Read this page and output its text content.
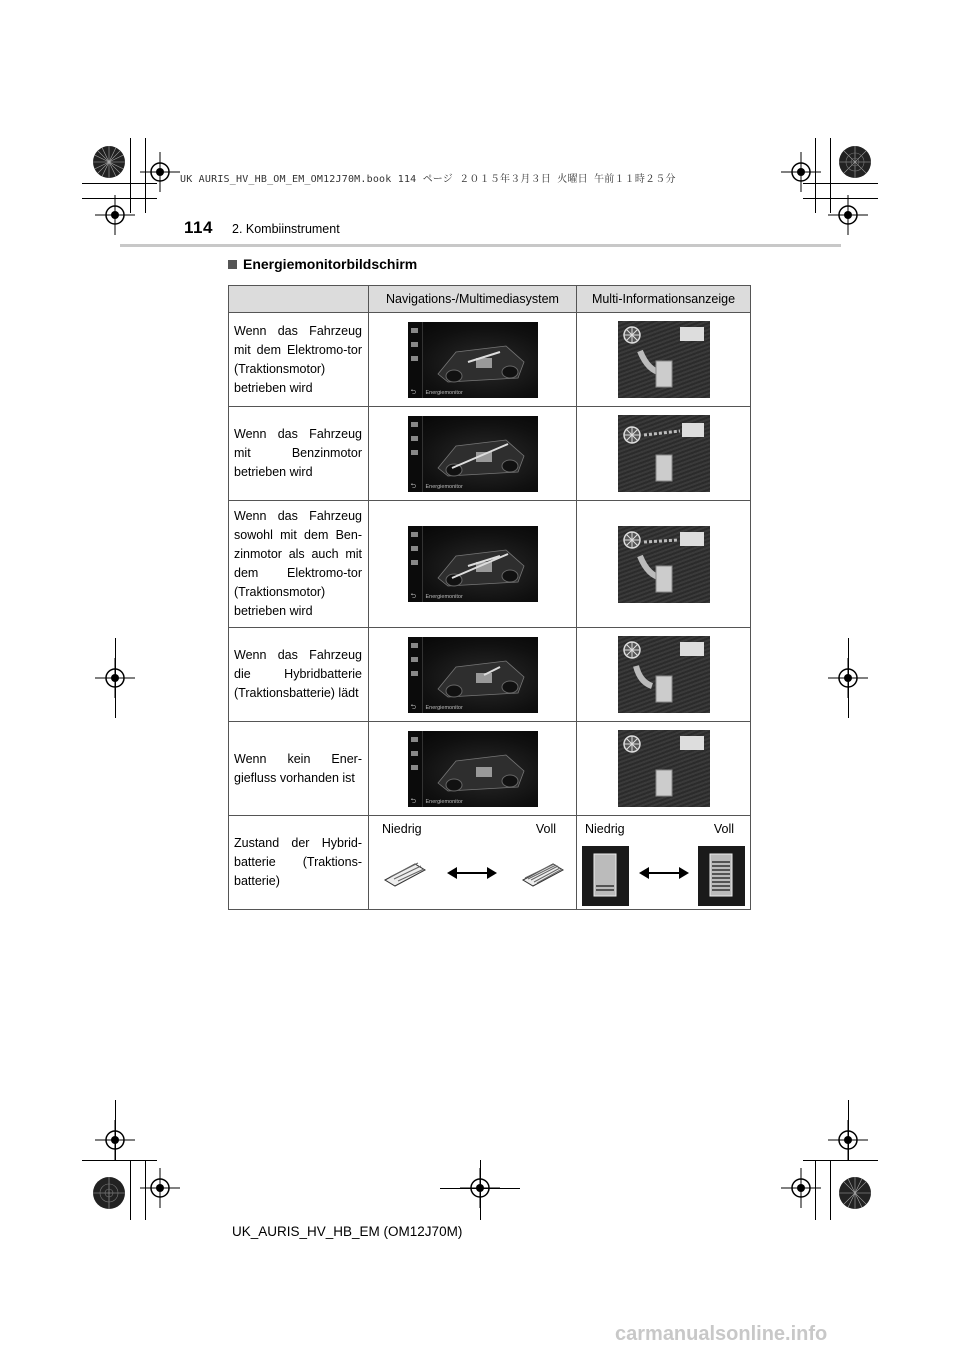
UK AURIS_HV_HB_OM_EM_OM12J70M.book 114 ページ ２０１５年３月３日 火曜日 午前１１時２５分
114 2. Kombiinstrument
Energiemonitorbildschirm
	Navigations-/Multimediasystem	Multi-Informationsanzeige
Wenn das Fahrzeug mit dem Elektromo-tor (Traktionsmotor) betrieben wird	⮌ Energiemonitor

Wenn das Fahrzeug mit Benzinmotor betrieben wird	⮌ Energiemonitor

Wenn das Fahrzeug sowohl mit dem Ben-zinmotor als auch mit dem Elektromo-tor (Traktionsmotor) betrieben wird	⮌ Energiemonitor

Wenn das Fahrzeug die Hybridbatterie (Traktionsbatterie) lädt	⮌ Energiemonitor

Wenn kein Ener-giefluss vorhanden ist	⮌ Energiemonitor

Zustand der Hybrid-batterie (Traktions-batterie)	Niedrig Voll	Niedrig Voll
UK_AURIS_HV_HB_EM (OM12J70M)
carmanualsonline.info
